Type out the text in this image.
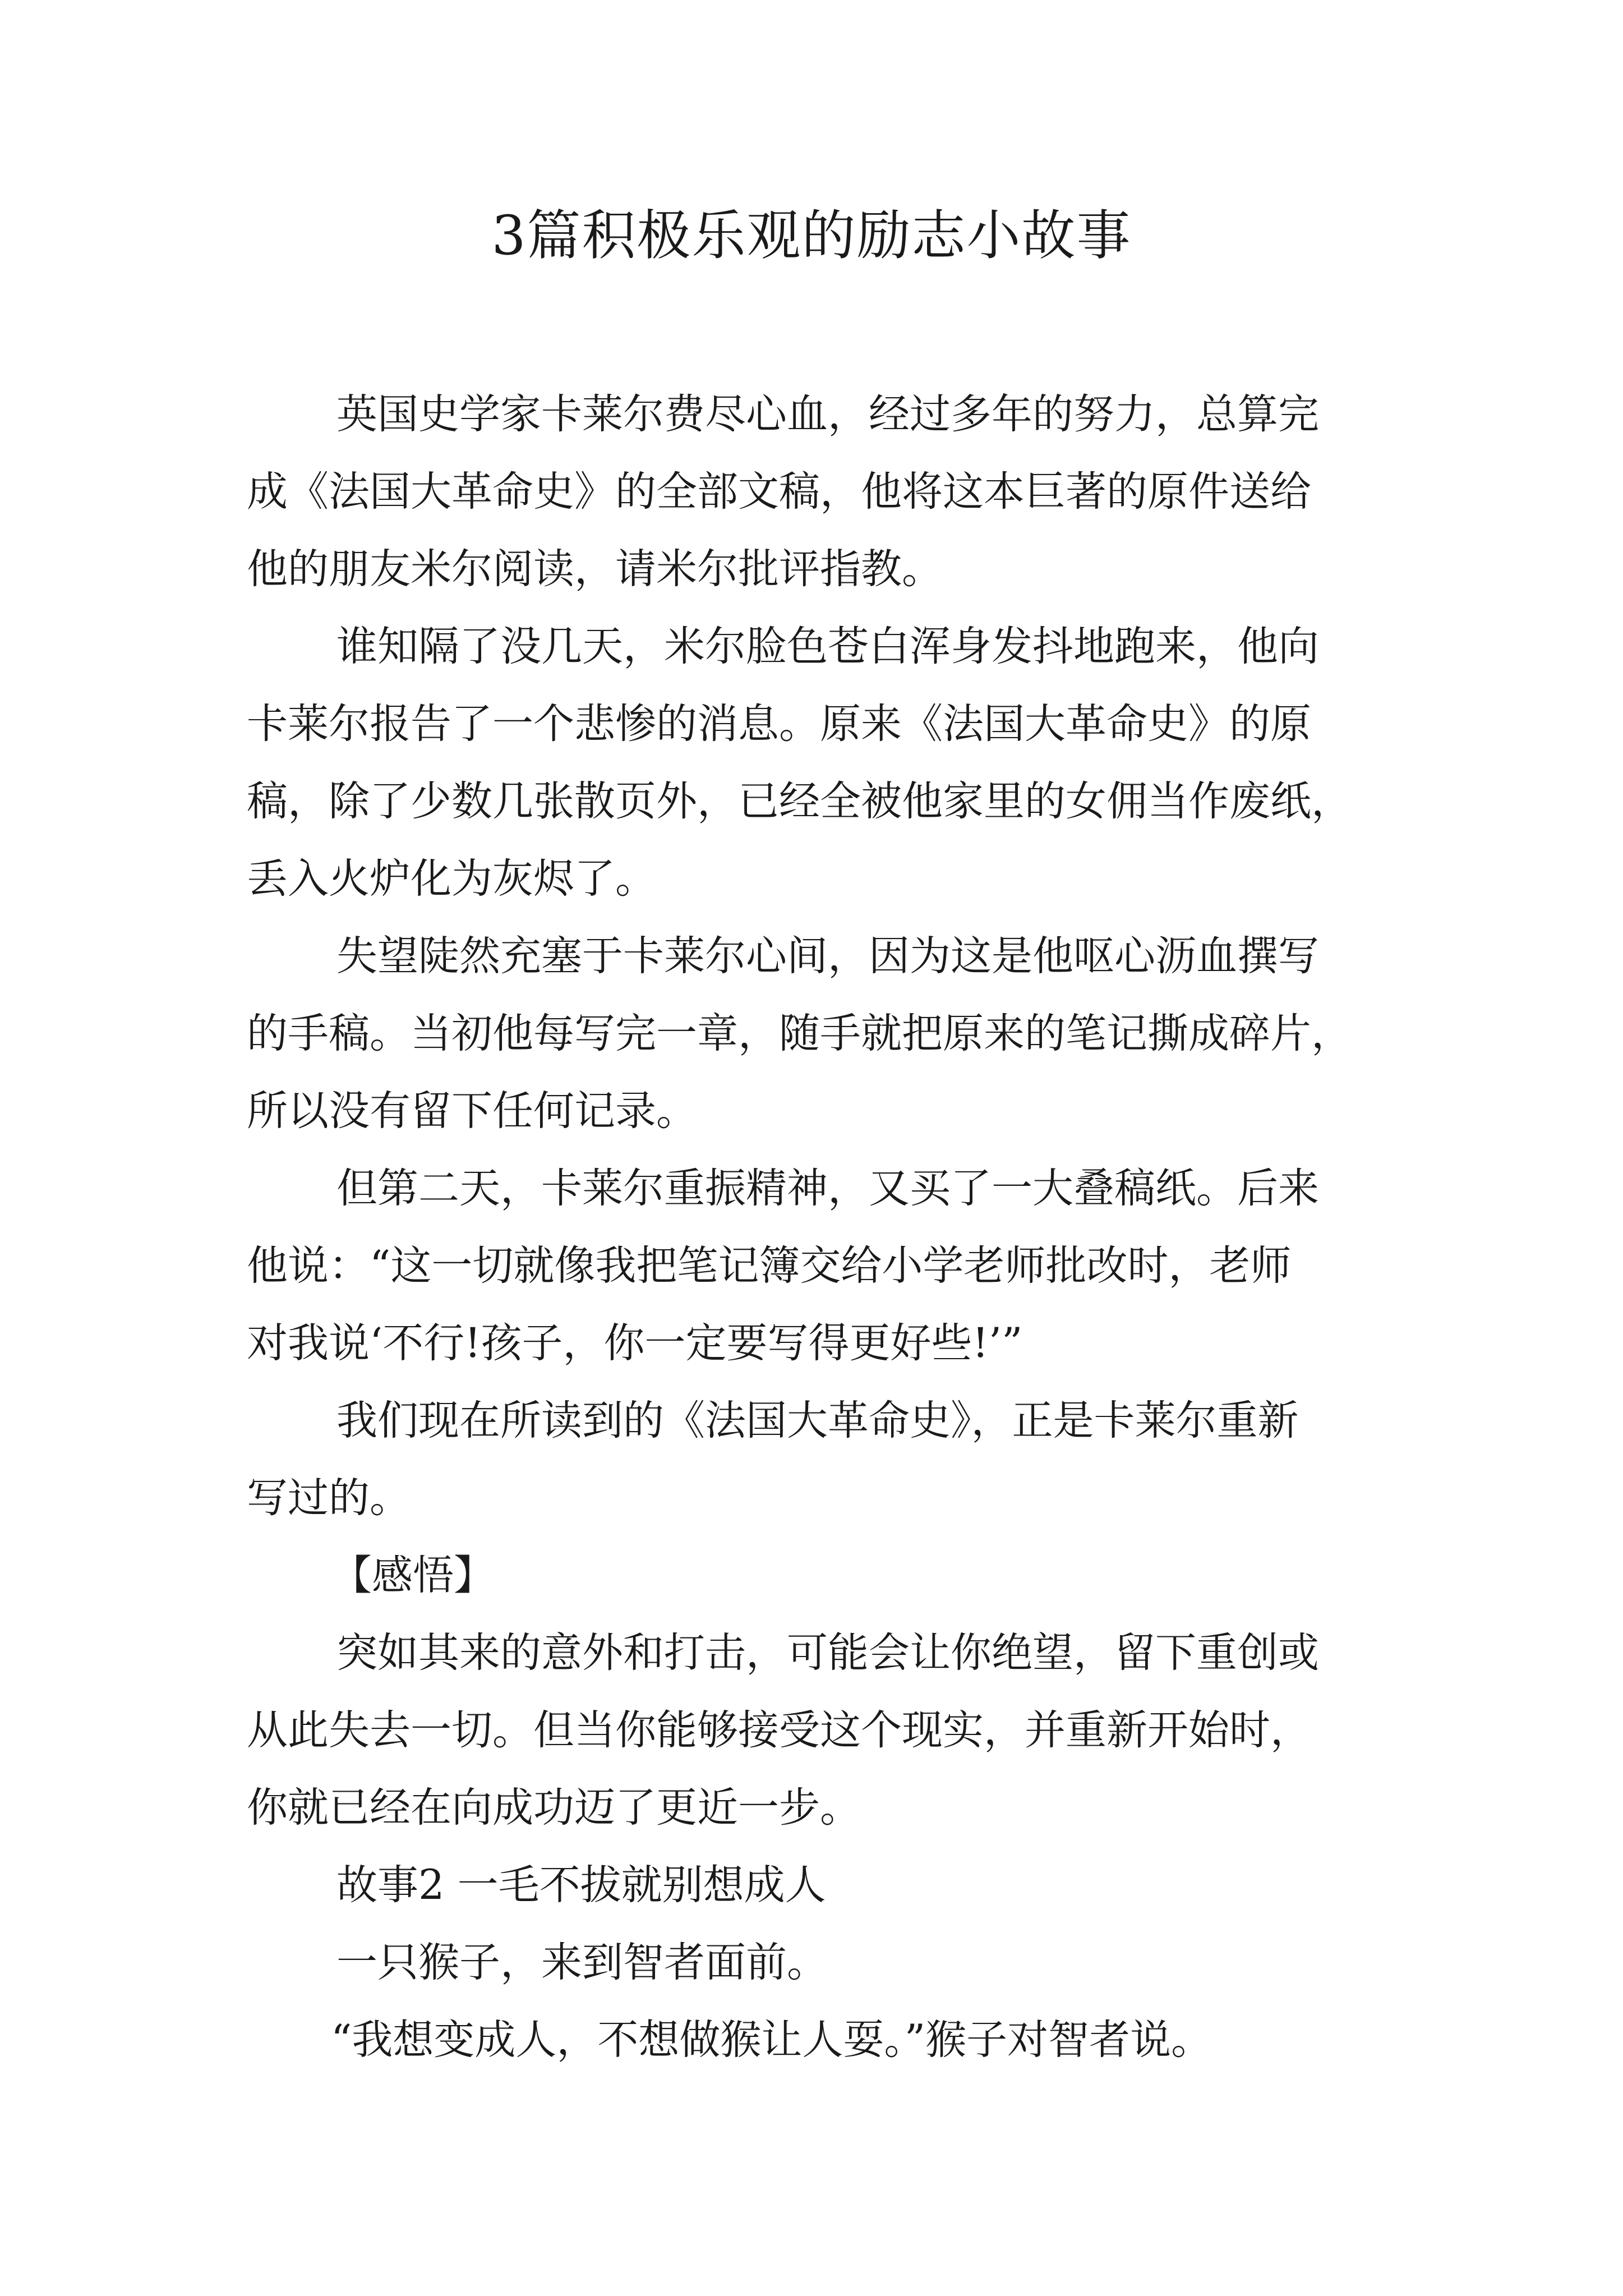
3篇积极乐观的励志小故事
英国史学家卡莱尔费尽心血，经过多年的努力，总算完
成《法国大革命史》的全部文稿，他将这本巨著的原件送给
他的朋友米尔阅读，请米尔批评指教。
谁知隔了没几天，米尔脸色苍白浑身发抖地跑来，他向
卡莱尔报告了一个悲惨的消息。原来《法国大革命史》的原
稿，除了少数几张散页外，已经全被他家里的女佣当作废纸，
丢入火炉化为灰烬了。
失望陡然充塞于卡莱尔心间，因为这是他呕心沥血撰写
的手稿。当初他每写完一章，随手就把原来的笔记撕成碎片，
所以没有留下任何记录。
但第二天，卡莱尔重振精神，又买了一大叠稿纸。后来
他说：“这一切就像我把笔记簿交给小学老师批改时，老师
对我说‘不行!孩子，你一定要写得更好些!’”
我们现在所读到的《法国大革命史》，正是卡莱尔重新
写过的。
【感悟】
突如其来的意外和打击，可能会让你绝望，留下重创或
从此失去一切。但当你能够接受这个现实，并重新开始时，
你就已经在向成功迈了更近一步。
故事2 一毛不拔就别想成人
一只猴子，来到智者面前。
“我想变成人，不想做猴让人耍。”猴子对智者说。
